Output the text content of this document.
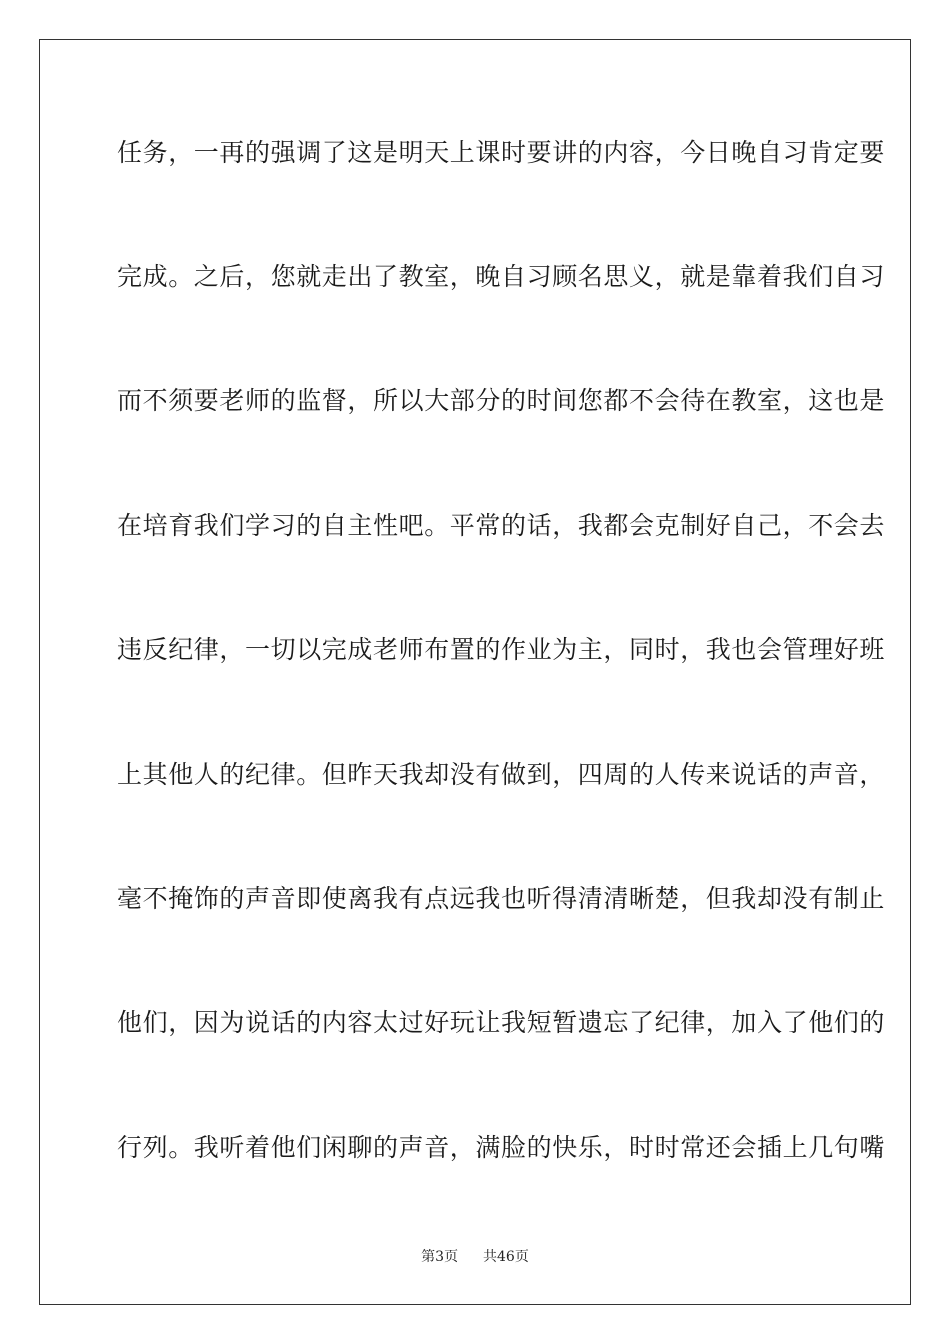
任务，一再的强调了这是明天上课时要讲的内容，今日晚自习肯定要
完成。之后，您就走出了教室，晚自习顾名思义，就是靠着我们自习
而不须要老师的监督，所以大部分的时间您都不会待在教室，这也是
在培育我们学习的自主性吧。平常的话，我都会克制好自己，不会去
违反纪律，一切以完成老师布置的作业为主，同时，我也会管理好班
上其他人的纪律。但昨天我却没有做到，四周的人传来说话的声音，
毫不掩饰的声音即使离我有点远我也听得清清晰楚，但我却没有制止
他们，因为说话的内容太过好玩让我短暂遗忘了纪律，加入了他们的
行列。我听着他们闲聊的声音，满脸的快乐，时时常还会插上几句嘴
第3页 共46页
